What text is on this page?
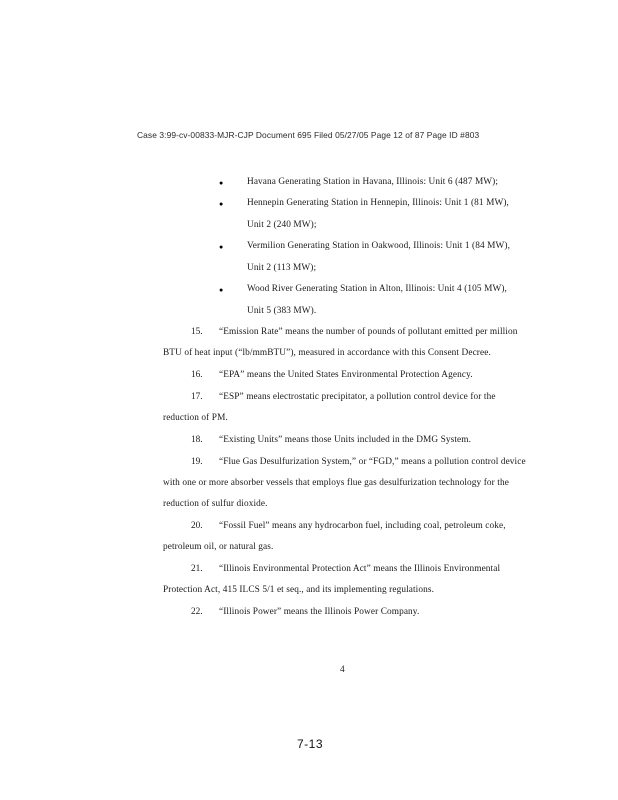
Case 3:99-cv-00833-MJR-CJP Document 695 Filed 05/27/05 Page 12 of 87 Page ID #803
●	Havana Generating Station in Havana, Illinois: Unit 6 (487 MW);
●	Hennepin Generating Station in Hennepin, Illinois: Unit 1 (81 MW),
Unit 2 (240 MW);
●	Vermilion Generating Station in Oakwood, Illinois: Unit 1 (84 MW),
Unit 2 (113 MW);
●	Wood River Generating Station in Alton, Illinois: Unit 4 (105 MW),
Unit 5 (383 MW).
15. “Emission Rate” means the number of pounds of pollutant emitted per million
BTU of heat input (“lb/mmBTU”), measured in accordance with this Consent Decree.
16. “EPA” means the United States Environmental Protection Agency.
17. “ESP” means electrostatic precipitator, a pollution control device for the
reduction of PM.
18. “Existing Units” means those Units included in the DMG System.
19. “Flue Gas Desulfurization System,” or “FGD,” means a pollution control device
with one or more absorber vessels that employs flue gas desulfurization technology for the
reduction of sulfur dioxide.
20. “Fossil Fuel” means any hydrocarbon fuel, including coal, petroleum coke,
petroleum oil, or natural gas.
21. “Illinois Environmental Protection Act” means the Illinois Environmental
Protection Act, 415 ILCS 5/1 et seq., and its implementing regulations.
22. “Illinois Power” means the Illinois Power Company.
4
7-13
